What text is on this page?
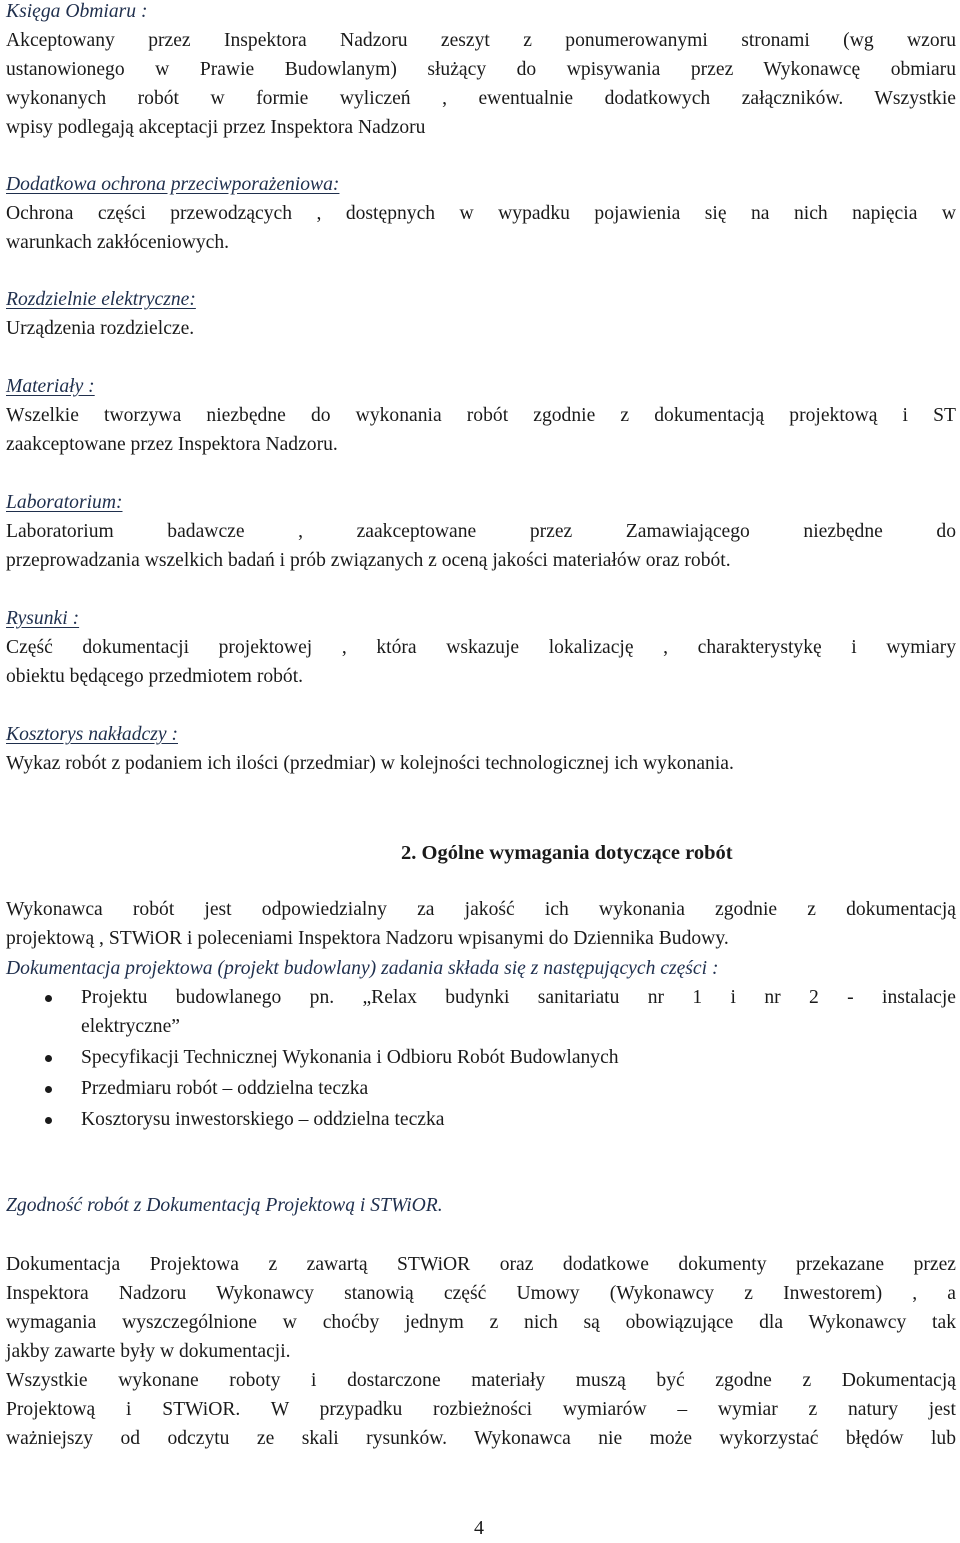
Księga Obmiaru :

Akceptowany przez Inspektora Nadzoru zeszyt z ponumerowanymi stronami (wg wzoru

ustanowionego w Prawie Budowlanym) służący do wpisywania przez Wykonawcę obmiaru

wykonanych robót w formie wyliczeń , ewentualnie dodatkowych załączników. Wszystkie

wpisy podlegają akceptacji przez Inspektora Nadzoru

Dodatkowa ochrona przeciwporażeniowa:

Ochrona części przewodzących , dostępnych w wypadku pojawienia się na nich napięcia w

warunkach zakłóceniowych.

Rozdzielnie elektryczne:

Urządzenia rozdzielcze.

Materiały :

Wszelkie tworzywa niezbędne do wykonania robót zgodnie z dokumentacją projektową i ST

zaakceptowane przez Inspektora Nadzoru.

Laboratorium:

Laboratorium badawcze , zaakceptowane przez Zamawiającego niezbędne do

przeprowadzania wszelkich badań i prób związanych z oceną jakości materiałów oraz robót.

Rysunki :

Część dokumentacji projektowej , która wskazuje lokalizację , charakterystykę i wymiary

obiektu będącego przedmiotem robót.

Kosztorys nakładczy :

Wykaz robót z podaniem ich ilości (przedmiar) w kolejności technologicznej ich wykonania.

2. Ogólne wymagania dotyczące robót

Wykonawca robót jest odpowiedzialny za jakość ich wykonania zgodnie z dokumentacją

projektową , STWiOR i poleceniami Inspektora Nadzoru wpisanymi do Dziennika Budowy.

Dokumentacja projektowa (projekt budowlany) zadania składa się z następujących części :

Projektu budowlanego pn. „Relax budynki sanitariatu nr 1 i nr 2 - instalacje

elektryczne”

Specyfikacji Technicznej Wykonania i Odbioru Robót Budowlanych

Przedmiaru robót – oddzielna teczka

Kosztorysu inwestorskiego – oddzielna teczka

Zgodność robót z Dokumentacją Projektową i STWiOR.

Dokumentacja Projektowa z zawartą STWiOR oraz dodatkowe dokumenty przekazane przez

Inspektora Nadzoru Wykonawcy stanowią część Umowy (Wykonawcy z Inwestorem) , a

wymagania wyszczególnione w choćby jednym z nich są obowiązujące dla Wykonawcy tak

jakby zawarte były w dokumentacji.

Wszystkie wykonane roboty i dostarczone materiały muszą być zgodne z Dokumentacją

Projektową i STWiOR. W przypadku rozbieżności wymiarów – wymiar z natury jest

ważniejszy od odczytu ze skali rysunków. Wykonawca nie może wykorzystać błędów lub

4
